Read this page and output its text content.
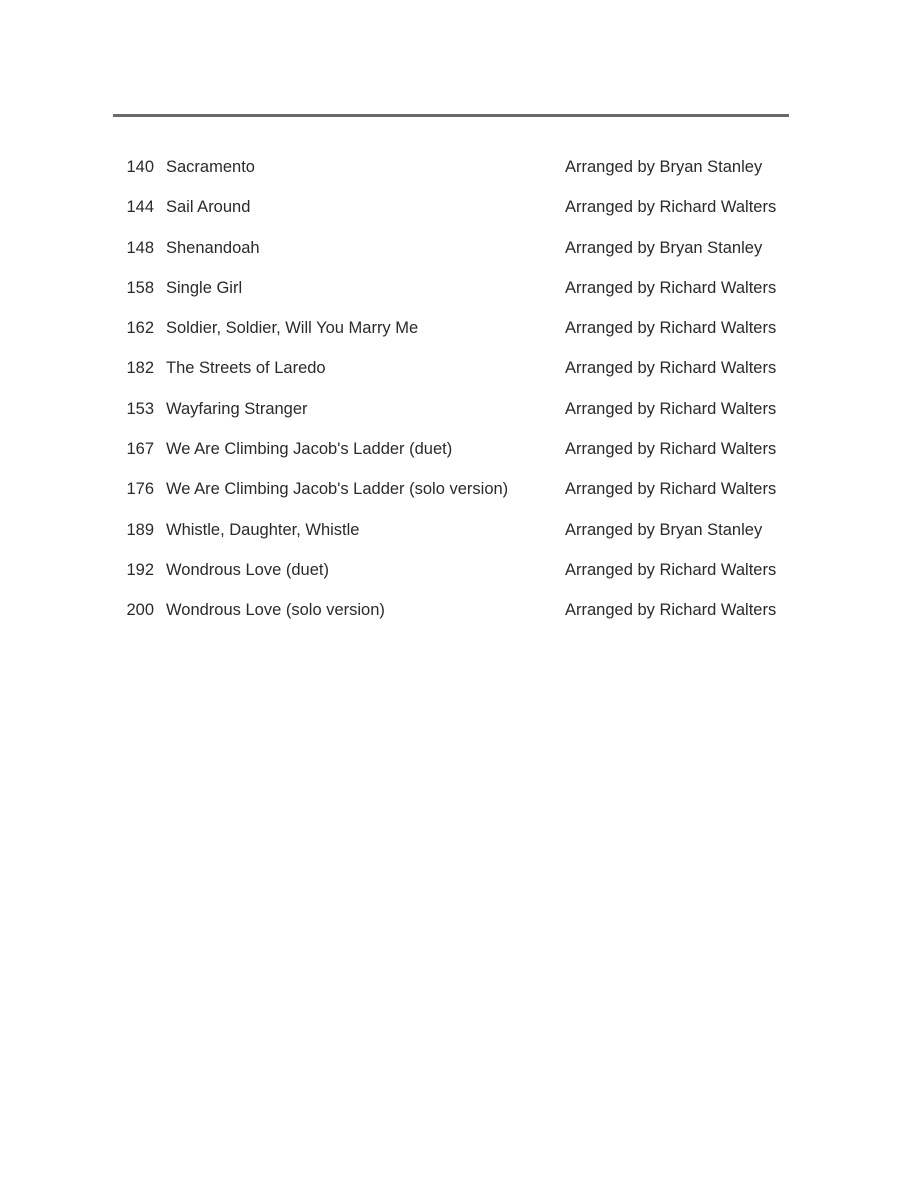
140 Sacramento	Arranged by Bryan Stanley
144 Sail Around	Arranged by Richard Walters
148 Shenandoah	Arranged by Bryan Stanley
158 Single Girl	Arranged by Richard Walters
162 Soldier, Soldier, Will You Marry Me	Arranged by Richard Walters
182 The Streets of Laredo	Arranged by Richard Walters
153 Wayfaring Stranger	Arranged by Richard Walters
167 We Are Climbing Jacob's Ladder (duet)	Arranged by Richard Walters
176 We Are Climbing Jacob's Ladder (solo version)	Arranged by Richard Walters
189 Whistle, Daughter, Whistle	Arranged by Bryan Stanley
192 Wondrous Love (duet)	Arranged by Richard Walters
200 Wondrous Love (solo version)	Arranged by Richard Walters
